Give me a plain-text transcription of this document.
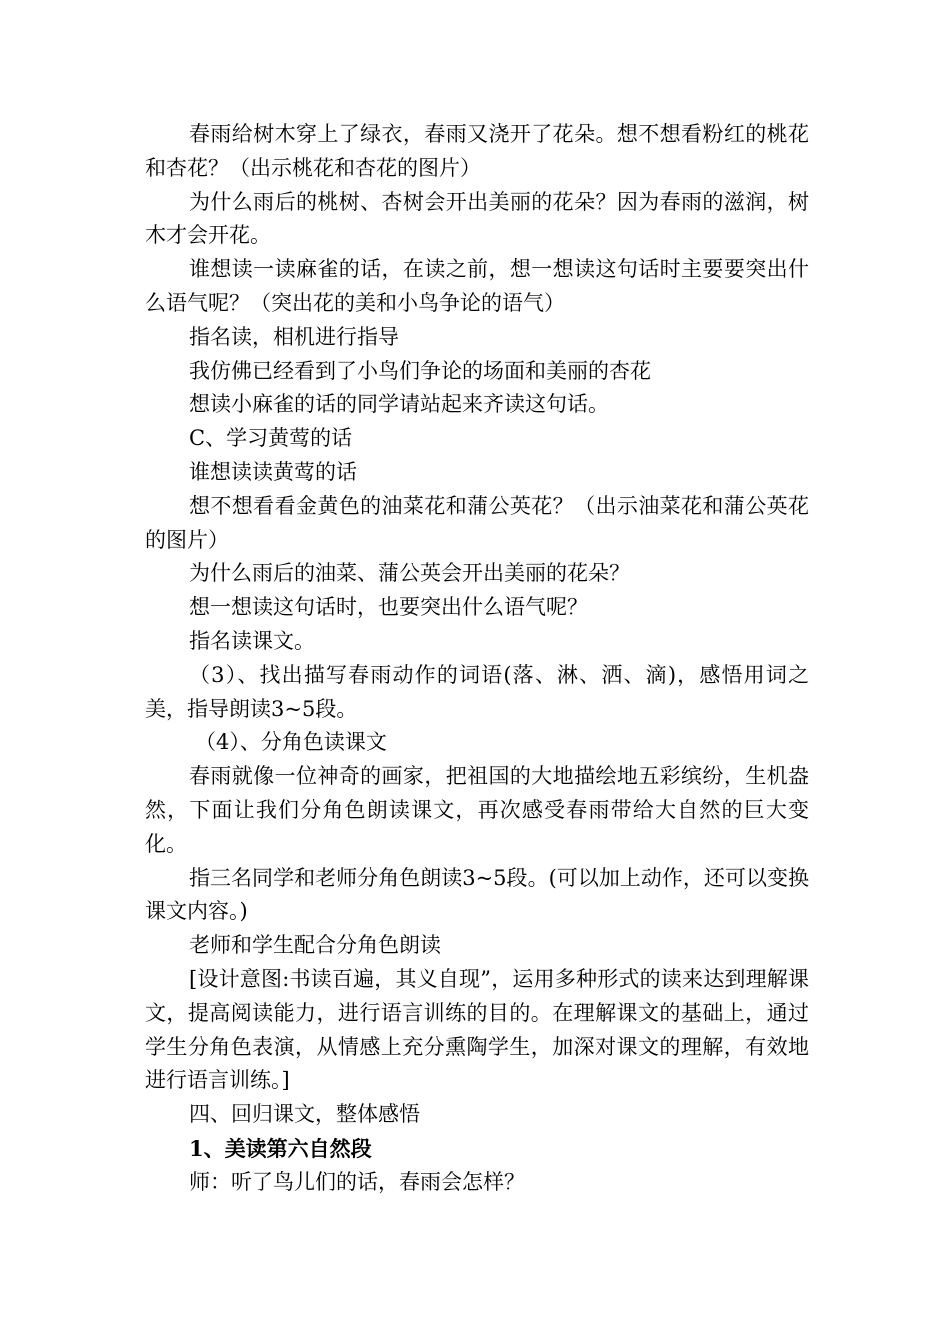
春雨给树木穿上了绿衣，春雨又浇开了花朵。想不想看粉红的桃花和杏花？（出示桃花和杏花的图片）

为什么雨后的桃树、杏树会开出美丽的花朵？因为春雨的滋润，树木才会开花。

谁想读一读麻雀的话，在读之前，想一想读这句话时主要要突出什么语气呢？（突出花的美和小鸟争论的语气）

指名读，相机进行指导

我仿佛已经看到了小鸟们争论的场面和美丽的杏花

想读小麻雀的话的同学请站起来齐读这句话。

C、学习黄莺的话

谁想读读黄莺的话

想不想看看金黄色的油菜花和蒲公英花？（出示油菜花和蒲公英花的图片）

为什么雨后的油菜、蒲公英会开出美丽的花朵？

想一想读这句话时，也要突出什么语气呢？

指名读课文。

（3）、找出描写春雨动作的词语(落、淋、洒、滴)，感悟用词之美，指导朗读3~5段。

（4）、分角色读课文

春雨就像一位神奇的画家，把祖国的大地描绘地五彩缤纷，生机盎然，下面让我们分角色朗读课文，再次感受春雨带给大自然的巨大变化。

指三名同学和老师分角色朗读3~5段。(可以加上动作，还可以变换课文内容。)

老师和学生配合分角色朗读

[设计意图:书读百遍，其义自现”，运用多种形式的读来达到理解课文，提高阅读能力，进行语言训练的目的。在理解课文的基础上，通过学生分角色表演，从情感上充分熏陶学生，加深对课文的理解，有效地进行语言训练。]

四、回归课文，整体感悟

1、美读第六自然段

师：听了鸟儿们的话，春雨会怎样？
